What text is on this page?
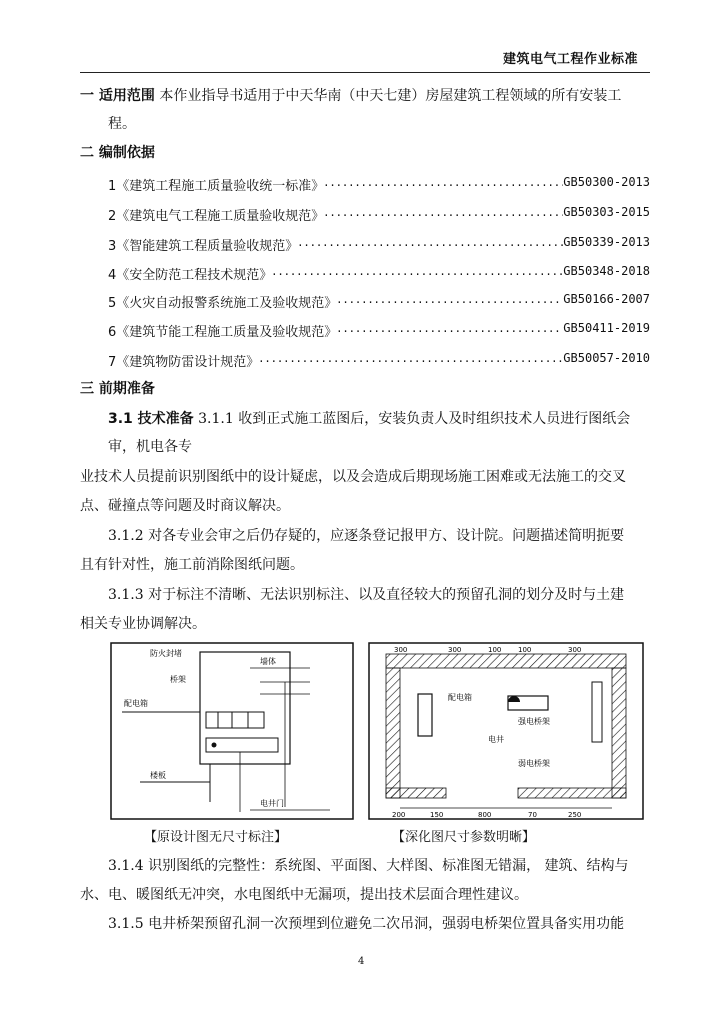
建筑电气工程作业标准
一 适用范围 本作业指导书适用于中天华南（中天七建）房屋建筑工程领域的所有安装工
程。
二 编制依据
1《建筑工程施工质量验收统一标准》 .....	GB50300-2013
2《建筑电气工程施工质量验收规范》 .....	GB50303-2015
3《智能建筑工程质量验收规范》 .....	GB50339-2013
4《安全防范工程技术规范》 .....	GB50348-2018
5《火灾自动报警系统施工及验收规范》 .....	GB50166-2007
6《建筑节能工程施工质量及验收规范》 .....	GB50411-2019
7《建筑物防雷设计规范》 .....	GB50057-2010
三 前期准备
3.1 技术准备 3.1.1 收到正式施工蓝图后，安装负责人及时组织技术人员进行图纸会
审，机电各专
业技术人员提前识别图纸中的设计疑虑，以及会造成后期现场施工困难或无法施工的交叉
点、碰撞点等问题及时商议解决。
3.1.2 对各专业会审之后仍存疑的，应逐条登记报甲方、设计院。问题描述简明扼要
且有针对性，施工前消除图纸问题。
3.1.3 对于标注不清晰、无法识别标注、以及直径较大的预留孔洞的划分及时与土建
相关专业协调解决。
防火封堵
桥架
配电箱
楼板
墙体
电井门
300	300	100 100	300
200	150	800	70	250
配电箱
强电桥架
弱电桥架
电井
【原设计图无尺寸标注】	【深化图尺寸参数明晰】
3.1.4 识别图纸的完整性：系统图、平面图、大样图、标准图无错漏， 建筑、结构与
水、电、暖图纸无冲突，水电图纸中无漏项，提出技术层面合理性建议。
3.1.5 电井桥架预留孔洞一次预埋到位避免二次吊洞，强弱电桥架位置具备实用功能
4
